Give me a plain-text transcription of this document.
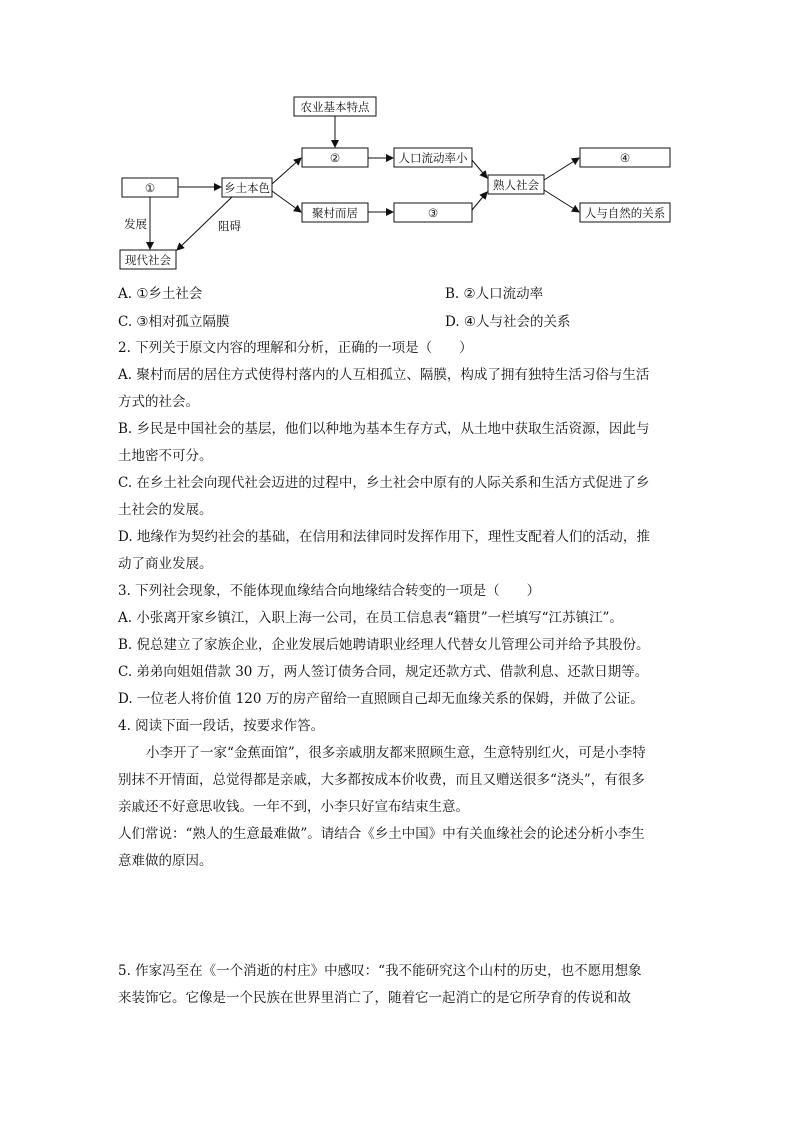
①	乡土本色
现代社会
农业基本特点
②
聚村而居	③
人口流动率小
熟人社会
④
人与自然的关系
发展	阻碍
A. ①乡土社会	B. ②人口流动率
C. ③相对孤立隔膜	D. ④人与社会的关系
2. 下列关于原文内容的理解和分析，正确的一项是（　　）
A. 聚村而居的居住方式使得村落内的人互相孤立、隔膜，构成了拥有独特生活习俗与生活
方式的社会。
B. 乡民是中国社会的基层，他们以种地为基本生存方式，从土地中获取生活资源，因此与
土地密不可分。
C. 在乡土社会向现代社会迈进的过程中，乡土社会中原有的人际关系和生活方式促进了乡
土社会的发展。
D. 地缘作为契约社会的基础，在信用和法律同时发挥作用下，理性支配着人们的活动，推
动了商业发展。
3. 下列社会现象，不能体现血缘结合向地缘结合转变的一项是（　　）
A. 小张离开家乡镇江，入职上海一公司，在员工信息表“籍贯”一栏填写“江苏镇江”。
B. 倪总建立了家族企业，企业发展后她聘请职业经理人代替女儿管理公司并给予其股份。
C. 弟弟向姐姐借款 30 万，两人签订债务合同，规定还款方式、借款利息、还款日期等。
D. 一位老人将价值 120 万的房产留给一直照顾自己却无血缘关系的保姆，并做了公证。
4. 阅读下面一段话，按要求作答。
小李开了一家“金蕉面馆”，很多亲戚朋友都来照顾生意，生意特别红火，可是小李特
别抹不开情面，总觉得都是亲戚，大多都按成本价收费，而且又赠送很多“浇头”，有很多
亲戚还不好意思收钱。一年不到，小李只好宣布结束生意。
人们常说：“熟人的生意最难做”。请结合《乡土中国》中有关血缘社会的论述分析小李生
意难做的原因。
5. 作家冯至在《一个消逝的村庄》中感叹：“我不能研究这个山村的历史，也不愿用想象
来装饰它。它像是一个民族在世界里消亡了，随着它一起消亡的是它所孕育的传说和故
